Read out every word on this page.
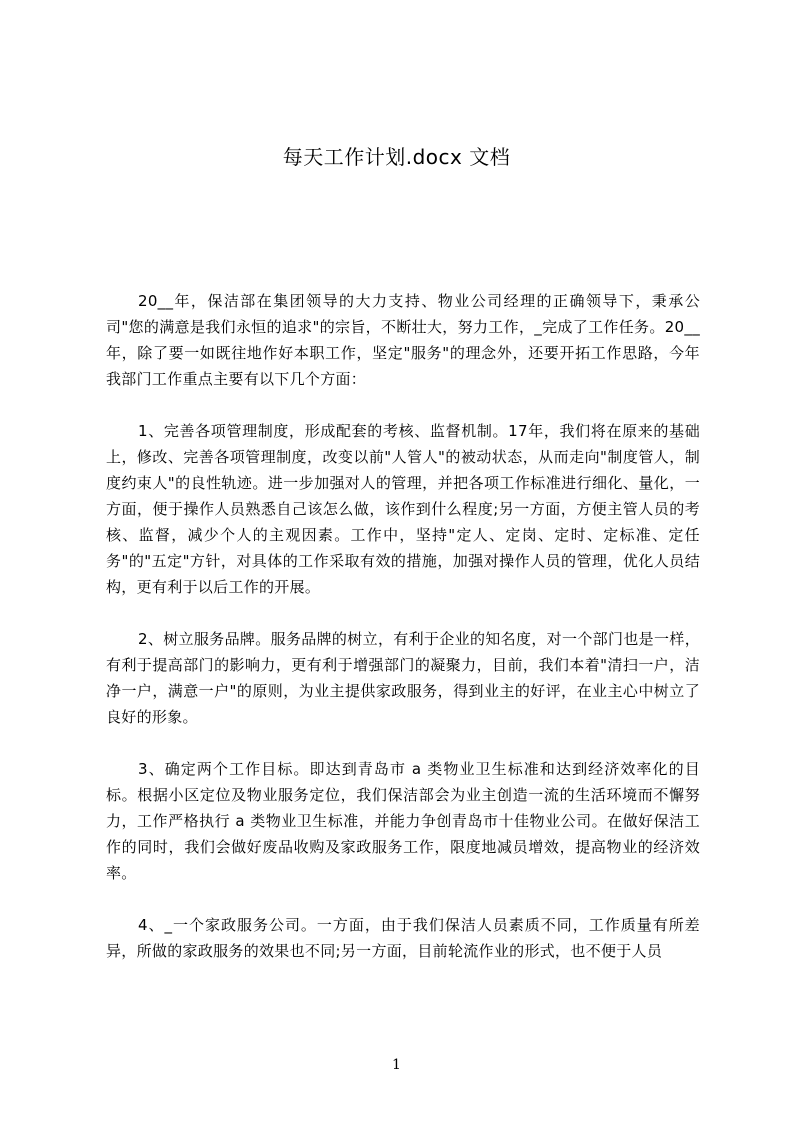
每天工作计划.docx 文档

20__年，保洁部在集团领导的大力支持、物业公司经理的正确领导下，秉承公司"您的满意是我们永恒的追求"的宗旨，不断壮大，努力工作，_完成了工作任务。20__年，除了要一如既往地作好本职工作，坚定"服务"的理念外，还要开拓工作思路，今年我部门工作重点主要有以下几个方面：

1、完善各项管理制度，形成配套的考核、监督机制。17年，我们将在原来的基础上，修改、完善各项管理制度，改变以前"人管人"的被动状态，从而走向"制度管人，制度约束人"的良性轨迹。进一步加强对人的管理，并把各项工作标准进行细化、量化，一方面，便于操作人员熟悉自己该怎么做，该作到什么程度;另一方面，方便主管人员的考核、监督，减少个人的主观因素。工作中，坚持"定人、定岗、定时、定标准、定任务"的"五定"方针，对具体的工作采取有效的措施，加强对操作人员的管理，优化人员结构，更有利于以后工作的开展。

2、树立服务品牌。服务品牌的树立，有利于企业的知名度，对一个部门也是一样，有利于提高部门的影响力，更有利于增强部门的凝聚力，目前，我们本着"清扫一户，洁净一户，满意一户"的原则，为业主提供家政服务，得到业主的好评，在业主心中树立了良好的形象。

3、确定两个工作目标。即达到青岛市 a 类物业卫生标准和达到经济效率化的目标。根据小区定位及物业服务定位，我们保洁部会为业主创造一流的生活环境而不懈努力，工作严格执行 a 类物业卫生标准，并能力争创青岛市十佳物业公司。在做好保洁工作的同时，我们会做好废品收购及家政服务工作，限度地减员增效，提高物业的经济效率。

4、_一个家政服务公司。一方面，由于我们保洁人员素质不同，工作质量有所差异，所做的家政服务的效果也不同;另一方面，目前轮流作业的形式，也不便于人员

1
